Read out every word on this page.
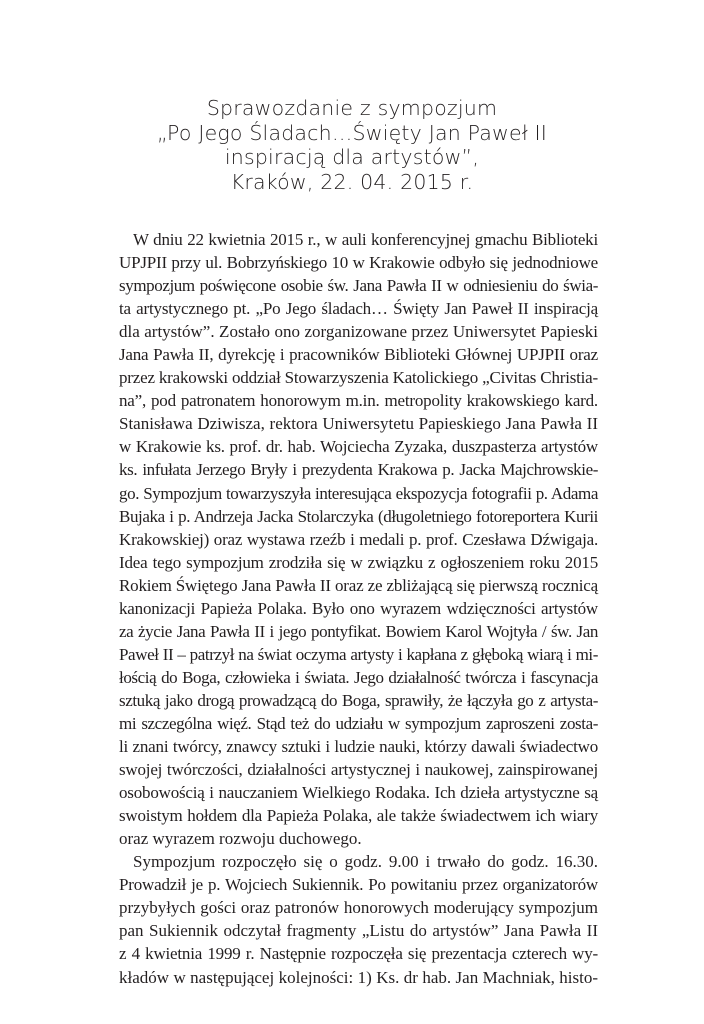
Sprawozdanie z sympozjum
„Po Jego Śladach…Święty Jan Paweł II
inspiracją dla artystów”,
Kraków, 22. 04. 2015 r.
W dniu 22 kwietnia 2015 r., w auli konferencyjnej gmachu Biblioteki
UPJPII przy ul. Bobrzyńskiego 10 w Krakowie odbyło się jednodniowe
sympozjum poświęcone osobie św. Jana Pawła II w odniesieniu do świa-
ta artystycznego pt. „Po Jego śladach… Święty Jan Paweł II inspiracją
dla artystów”. Zostało ono zorganizowane przez Uniwersytet Papieski
Jana Pawła II, dyrekcję i pracowników Biblioteki Głównej UPJPII oraz
przez krakowski oddział Stowarzyszenia Katolickiego „Civitas Christia-
na”, pod patronatem honorowym m.in. metropolity krakowskiego kard.
Stanisława Dziwisza, rektora Uniwersytetu Papieskiego Jana Pawła II
w Krakowie ks. prof. dr. hab. Wojciecha Zyzaka, duszpasterza artystów
ks. infułata Jerzego Bryły i prezydenta Krakowa p. Jacka Majchrowskie-
go. Sympozjum towarzyszyła interesująca ekspozycja fotografii p. Adama
Bujaka i p. Andrzeja Jacka Stolarczyka (długoletniego fotoreportera Kurii
Krakowskiej) oraz wystawa rzeźb i medali p. prof. Czesława Dźwigaja.
Idea tego sympozjum zrodziła się w związku z ogłoszeniem roku 2015
Rokiem Świętego Jana Pawła II oraz ze zbliżającą się pierwszą rocznicą
kanonizacji Papieża Polaka. Było ono wyrazem wdzięczności artystów
za życie Jana Pawła II i jego pontyfikat. Bowiem Karol Wojtyła / św. Jan
Paweł II – patrzył na świat oczyma artysty i kapłana z głęboką wiarą i mi-
łością do Boga, człowieka i świata. Jego działalność twórcza i fascynacja
sztuką jako drogą prowadzącą do Boga, sprawiły, że łączyła go z artysta-
mi szczególna więź. Stąd też do udziału w sympozjum zaproszeni zosta-
li znani twórcy, znawcy sztuki i ludzie nauki, którzy dawali świadectwo
swojej twórczości, działalności artystycznej i naukowej, zainspirowanej
osobowością i nauczaniem Wielkiego Rodaka. Ich dzieła artystyczne są
swoistym hołdem dla Papieża Polaka, ale także świadectwem ich wiary
oraz wyrazem rozwoju duchowego.
Sympozjum rozpoczęło się o godz. 9.00 i trwało do godz. 16.30.
Prowadził je p. Wojciech Sukiennik. Po powitaniu przez organizatorów
przybyłych gości oraz patronów honorowych moderujący sympozjum
pan Sukiennik odczytał fragmenty „Listu do artystów” Jana Pawła II
z 4 kwietnia 1999 r. Następnie rozpoczęła się prezentacja czterech wy-
kładów w następującej kolejności: 1) Ks. dr hab. Jan Machniak, histo-
